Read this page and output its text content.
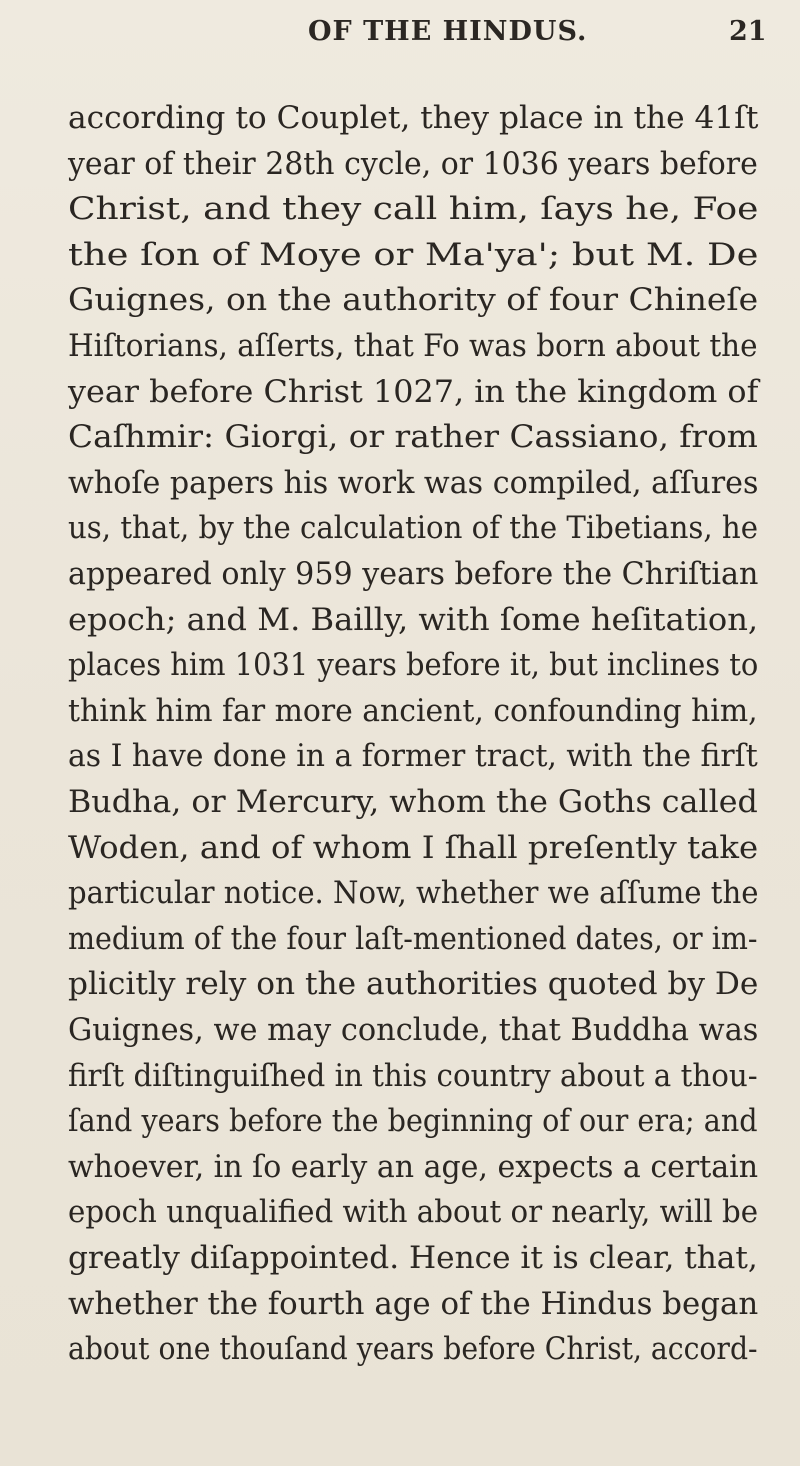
OF THE HINDUS.	21
according to Couplet, they place in the 41ſt
year of their 28th cycle, or 1036 years before
Christ, and they call him, ſays he, Foe
the ſon of Moye or Ma'ya'; but M. De
Guignes, on the authority of four Chineſe
Hiſtorians, aſſerts, that Fo was born about the
year before Christ 1027, in the kingdom of
Caſhmir: Giorgi, or rather Cassiano, from
whoſe papers his work was compiled, aſſures
us, that, by the calculation of the Tibetians, he
appeared only 959 years before the Chriſtian
epoch; and M. Bailly, with ſome heſitation,
places him 1031 years before it, but inclines to
think him far more ancient, confounding him,
as I have done in a former tract, with the firſt
Budha, or Mercury, whom the Goths called
Woden, and of whom I ſhall preſently take
particular notice. Now, whether we aſſume the
medium of the four laſt-mentioned dates, or im-
plicitly rely on the authorities quoted by De
Guignes, we may conclude, that Buddha was
firſt diſtinguiſhed in this country about a thou-
ſand years before the beginning of our era; and
whoever, in ſo early an age, expects a certain
epoch unqualified with about or nearly, will be
greatly diſappointed. Hence it is clear, that,
whether the fourth age of the Hindus began
about one thouſand years before Christ, accord-
